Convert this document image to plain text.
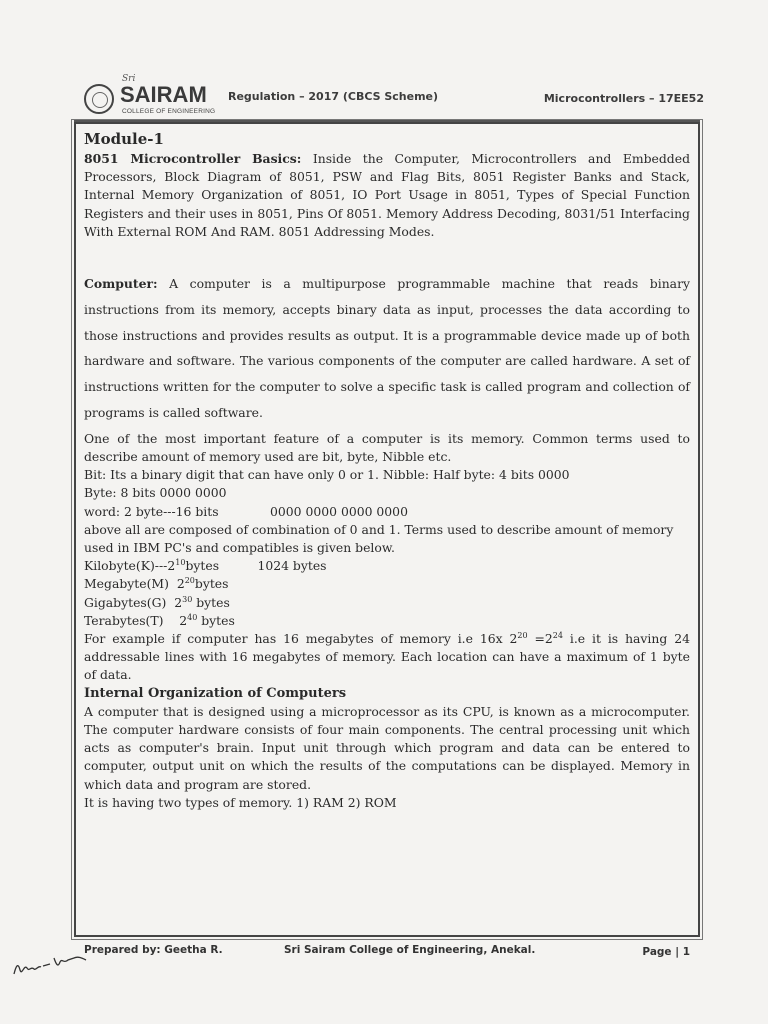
Sri
SAIRAM
COLLEGE OF ENGINEERING
Regulation – 2017 (CBCS Scheme)	Microcontrollers – 17EE52

Module-1

8051 Microcontroller Basics: Inside the Computer, Microcontrollers and Embedded Processors, Block Diagram of 8051, PSW and Flag Bits, 8051 Register Banks and Stack, Internal Memory Organization of 8051, IO Port Usage in 8051, Types of Special Function Registers and their uses in 8051, Pins Of 8051. Memory Address Decoding, 8031/51 Interfacing With External ROM And RAM. 8051 Addressing Modes.

Computer: A computer is a multipurpose programmable machine that reads binary instructions from its memory, accepts binary data as input, processes the data according to those instructions and provides results as output. It is a programmable device made up of both hardware and software. The various components of the computer are called hardware. A set of instructions written for the computer to solve a specific task is called program and collection of programs is called software.

One of the most important feature of a computer is its memory. Common terms used to describe amount of memory used are bit, byte, Nibble etc.

Bit: Its a binary digit that can have only 0 or 1. Nibble: Half byte: 4 bits 0000

Byte: 8 bits 0000 0000

word: 2 byte---16 bits	0000 0000 0000 0000

above all are composed of combination of 0 and 1. Terms used to describe amount of memory used in IBM PC's and compatibles is given below.

$Kilobyte(K)---2^{10}bytes$	1024 bytes

Megabyte(M)  $2^{20}bytes$

Gigabytes(G)  $2^{30}$ bytes

Terabytes(T)    $2^{40}$ bytes

For example if computer has 16 megabytes of memory i.e 16x $2^{20} =2^{24}$ i.e it is having 24 addressable lines with 16 megabytes of memory. Each location can have a maximum of 1 byte of data.

Internal Organization of Computers

A computer that is designed using a microprocessor as its CPU, is known as a microcomputer. The computer hardware consists of four main components. The central processing unit which acts as computer's brain. Input unit through which program and data can be entered to computer, output unit on which the results of the computations can be displayed. Memory in which data and program are stored.

It is having two types of memory. 1) RAM 2) ROM

Prepared by: Geetha R.	Sri Sairam College of Engineering, Anekal.	Page | 1
